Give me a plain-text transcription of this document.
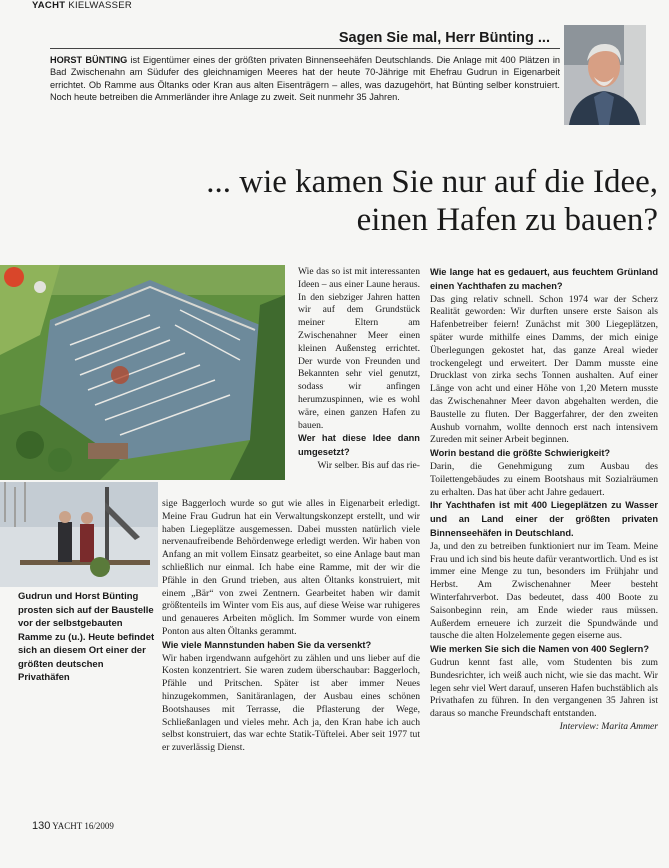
YACHT KIELWASSER
Sagen Sie mal, Herr Bünting ...
HORST BÜNTING ist Eigentümer eines der größten privaten Binnenseehäfen Deutschlands. Die Anlage mit 400 Plätzen in Bad Zwischenahn am Südufer des gleichnamigen Meeres hat der heute 70-Jährige mit Ehefrau Gudrun in Eigenarbeit errichtet. Ob Ramme aus Öltanks oder Kran aus alten Eisenträgern – alles, was dazugehört, hat Bünting selber konstruiert. Noch heute betreiben die Ammerländer ihre Anlage zu zweit. Seit nunmehr 35 Jahren.
... wie kamen Sie nur auf die Idee,
einen Hafen zu bauen?
Gudrun und Horst Bünting prosten sich auf der Baustelle vor der selbstgebauten Ramme zu (u.). Heute befindet sich an diesem Ort einer der größten deutschen Privathäfen

Wie das so ist mit interessanten Ideen – aus einer Laune heraus. In den siebziger Jahren hatten wir auf dem Grundstück meiner Eltern am Zwischenahner Meer einen kleinen Außensteg errichtet. Der wurde von Freunden und Bekannten sehr viel genutzt, sodass wir anfingen herumzuspinnen, wie es wohl wäre, einen ganzen Hafen zu bauen.

Wer hat diese Idee dann umgesetzt?

Wir selber. Bis auf das rie-

sige Baggerloch wurde so gut wie alles in Eigenarbeit erledigt. Meine Frau Gudrun hat ein Verwaltungskonzept erstellt, und wir haben Liegeplätze ausgemessen. Dabei mussten natürlich viele nervenaufreibende Behördenwege erledigt werden. Wir haben von Anfang an mit vollem Einsatz gearbeitet, so eine Anlage baut man schließlich nur einmal. Ich habe eine Ramme, mit der wir die Pfähle in den Grund trieben, aus alten Öltanks konstruiert, mit einem „Bär“ von zwei Zentnern. Gearbeitet haben wir damit größtenteils im Winter vom Eis aus, auf diese Weise war ruhigeres und genaueres Arbeiten möglich. Im Sommer wurde von einem Ponton aus alten Öltanks gerammt.

Wie viele Mannstunden haben Sie da versenkt?

Wir haben irgendwann aufgehört zu zählen und uns lieber auf die Kosten konzentriert. Sie waren zudem überschaubar: Baggerloch, Pfähle und Pritschen. Später ist aber immer Neues hinzugekommen, Sanitäranlagen, der Ausbau eines schönen Bootshauses mit Terrasse, die Pflasterung der Wege, Schließanlagen und vieles mehr. Ach ja, den Kran habe ich auch selbst konstruiert, das war echte Statik-Tüftelei. Aber seit 1977 tut er zuverlässig Dienst.

Wie lange hat es gedauert, aus feuchtem Grünland einen Yachthafen zu machen?

Das ging relativ schnell. Schon 1974 war der Scherz Realität geworden: Wir durften unsere erste Saison als Hafenbetreiber feiern! Zunächst mit 300 Liegeplätzen, später wurde mithilfe eines Damms, der mich einige Überlegungen gekostet hat, das ganze Areal wieder trockengelegt und erweitert. Der Damm musste eine Drucklast von zirka sechs Tonnen aushalten. Auf einer Länge von acht und einer Höhe von 1,20 Metern musste das Zwischenahner Meer davon abgehalten werden, die Baustelle zu fluten. Der Baggerfahrer, der den zweiten Aushub vornahm, wollte dennoch erst nach intensivem Zureden mit seiner Arbeit beginnen.

Worin bestand die größte Schwierigkeit?

Darin, die Genehmigung zum Ausbau des Toilettengebäudes zu einem Bootshaus mit Sozialräumen zu erhalten. Das hat über acht Jahre gedauert.

Ihr Yachthafen ist mit 400 Liegeplätzen zu Wasser und an Land einer der größten privaten Binnenseehäfen in Deutschland.

Ja, und den zu betreiben funktioniert nur im Team. Meine Frau und ich sind bis heute dafür verantwortlich. Und es ist immer eine Menge zu tun, besonders im Frühjahr und Herbst. Am Zwischenahner Meer besteht Winterfahrverbot. Das bedeutet, dass 400 Boote zu Saisonbeginn rein, am Ende wieder raus müssen. Außerdem erneuere ich zurzeit die Spundwände und tausche die alten Holzelemente gegen eiserne aus.

Wie merken Sie sich die Namen von 400 Seglern?

Gudrun kennt fast alle, vom Studenten bis zum Bundesrichter, ich weiß auch nicht, wie sie das macht. Wir legen sehr viel Wert darauf, unseren Hafen buchstäblich als Privathafen zu führen. In den vergangenen 35 Jahren ist daraus so manche Freundschaft entstanden.

Interview: Marita Ammer

130 YACHT 16/2009
